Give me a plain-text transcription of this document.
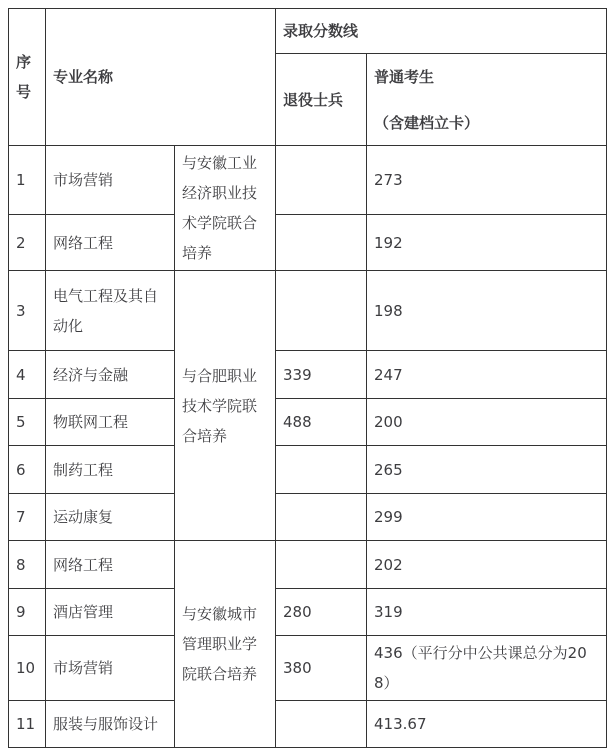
序号	专业名称		录取分数线	
			退役士兵	普通考生
（含建档立卡）

1	市场营销	与安徽工业经济职业技术学院联合培养		273
2	网络工程			192
3	电气工程及其自动化	与合肥职业技术学院联合培养		198
4	经济与金融		339	247
5	物联网工程		488	200
6	制药工程			265
7	运动康复			299
8	网络工程	与安徽城市管理职业学院联合培养		202
9	酒店管理		280	319
10	市场营销		380	436（平行分中公共课总分为208）
11	服装与服饰设计			413.67
